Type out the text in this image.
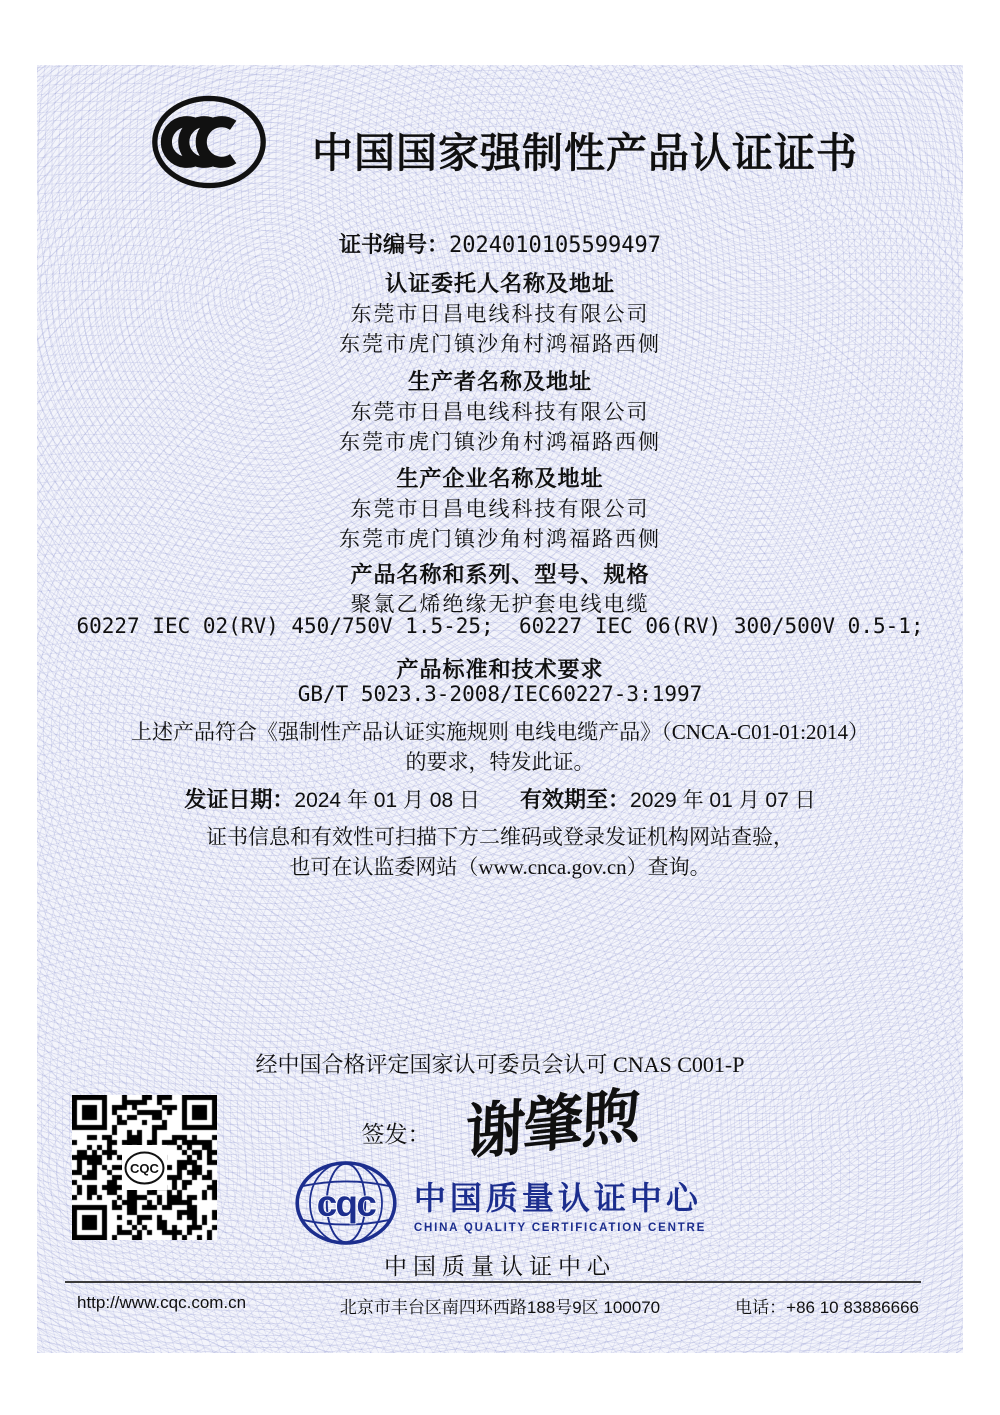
中国国家强制性产品认证证书
证书编号：2024010105599497
认证委托人名称及地址
东莞市日昌电线科技有限公司
东莞市虎门镇沙角村鸿福路西侧
生产者名称及地址
东莞市日昌电线科技有限公司
东莞市虎门镇沙角村鸿福路西侧
生产企业名称及地址
东莞市日昌电线科技有限公司
东莞市虎门镇沙角村鸿福路西侧
产品名称和系列、型号、规格
聚氯乙烯绝缘无护套电线电缆
60227 IEC 02(RV) 450/750V 1.5-25;  60227 IEC 06(RV) 300/500V 0.5-1;
产品标准和技术要求
GB/T 5023.3-2008/IEC60227-3:1997
上述产品符合《强制性产品认证实施规则 电线电缆产品》（CNCA-C01-01:2014）
的要求，特发此证。
发证日期：2024 年 01 月 08 日 有效期至：2029 年 01 月 07 日
证书信息和有效性可扫描下方二维码或登录发证机构网站查验，
也可在认监委网站（www.cnca.gov.cn）查询。
经中国合格评定国家认可委员会认可 CNAS C001-P
签发： 谢肇煦
CQC
cqc 中国质量认证中心
CHINA QUALITY CERTIFICATION CENTRE
中国质量认证中心
http://www.cqc.com.cn	北京市丰台区南四环西路188号9区 100070	电话：+86 10 83886666
